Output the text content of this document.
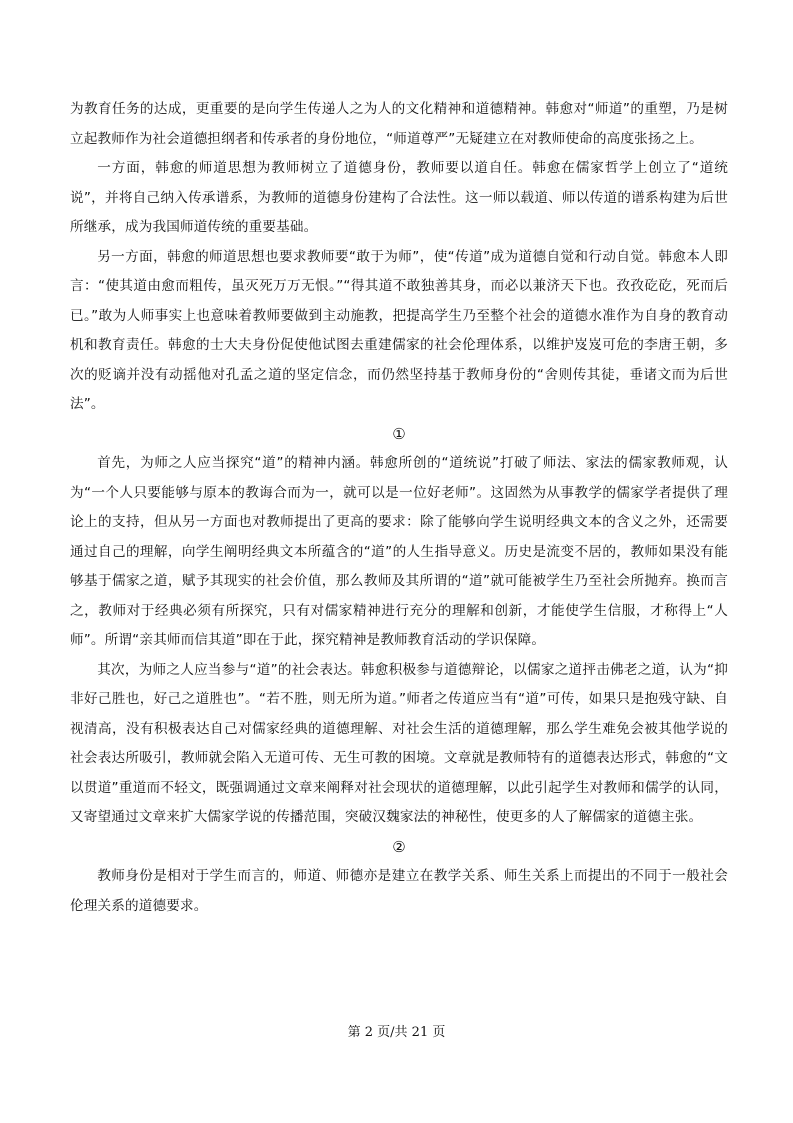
为教育任务的达成，更重要的是向学生传递人之为人的文化精神和道德精神。韩愈对“师道”的重塑，乃是树立起教师作为社会道德担纲者和传承者的身份地位，“师道尊严”无疑建立在对教师使命的高度张扬之上。

一方面，韩愈的师道思想为教师树立了道德身份，教师要以道自任。韩愈在儒家哲学上创立了“道统说”，并将自己纳入传承谱系，为教师的道德身份建构了合法性。这一师以载道、师以传道的谱系构建为后世所继承，成为我国师道传统的重要基础。

另一方面，韩愈的师道思想也要求教师要“敢于为师”，使“传道”成为道德自觉和行动自觉。韩愈本人即言：“使其道由愈而粗传，虽灭死万万无恨。”“得其道不敢独善其身，而必以兼济天下也。孜孜矻矻，死而后已。”敢为人师事实上也意味着教师要做到主动施教，把提高学生乃至整个社会的道德水准作为自身的教育动机和教育责任。韩愈的士大夫身份促使他试图去重建儒家的社会伦理体系，以维护岌岌可危的李唐王朝，多次的贬谪并没有动摇他对孔孟之道的坚定信念，而仍然坚持基于教师身份的“舍则传其徒，垂诸文而为后世法”。

①

首先，为师之人应当探究“道”的精神内涵。韩愈所创的“道统说”打破了师法、家法的儒家教师观，认为“一个人只要能够与原本的教诲合而为一，就可以是一位好老师”。这固然为从事教学的儒家学者提供了理论上的支持，但从另一方面也对教师提出了更高的要求：除了能够向学生说明经典文本的含义之外，还需要通过自己的理解，向学生阐明经典文本所蕴含的“道”的人生指导意义。历史是流变不居的，教师如果没有能够基于儒家之道，赋予其现实的社会价值，那么教师及其所谓的“道”就可能被学生乃至社会所抛弃。换而言之，教师对于经典必须有所探究，只有对儒家精神进行充分的理解和创新，才能使学生信服，才称得上“人师”。所谓“亲其师而信其道”即在于此，探究精神是教师教育活动的学识保障。

其次，为师之人应当参与“道”的社会表达。韩愈积极参与道德辩论，以儒家之道抨击佛老之道，认为“抑非好己胜也，好己之道胜也”。“若不胜，则无所为道。”师者之传道应当有“道”可传，如果只是抱残守缺、自视清高，没有积极表达自己对儒家经典的道德理解、对社会生活的道德理解，那么学生难免会被其他学说的社会表达所吸引，教师就会陷入无道可传、无生可教的困境。文章就是教师特有的道德表达形式，韩愈的“文以贯道”重道而不轻文，既强调通过文章来阐释对社会现状的道德理解，以此引起学生对教师和儒学的认同，又寄望通过文章来扩大儒家学说的传播范围，突破汉魏家法的神秘性，使更多的人了解儒家的道德主张。

②

教师身份是相对于学生而言的，师道、师德亦是建立在教学关系、师生关系上而提出的不同于一般社会伦理关系的道德要求。

第 2 页/共 21 页
